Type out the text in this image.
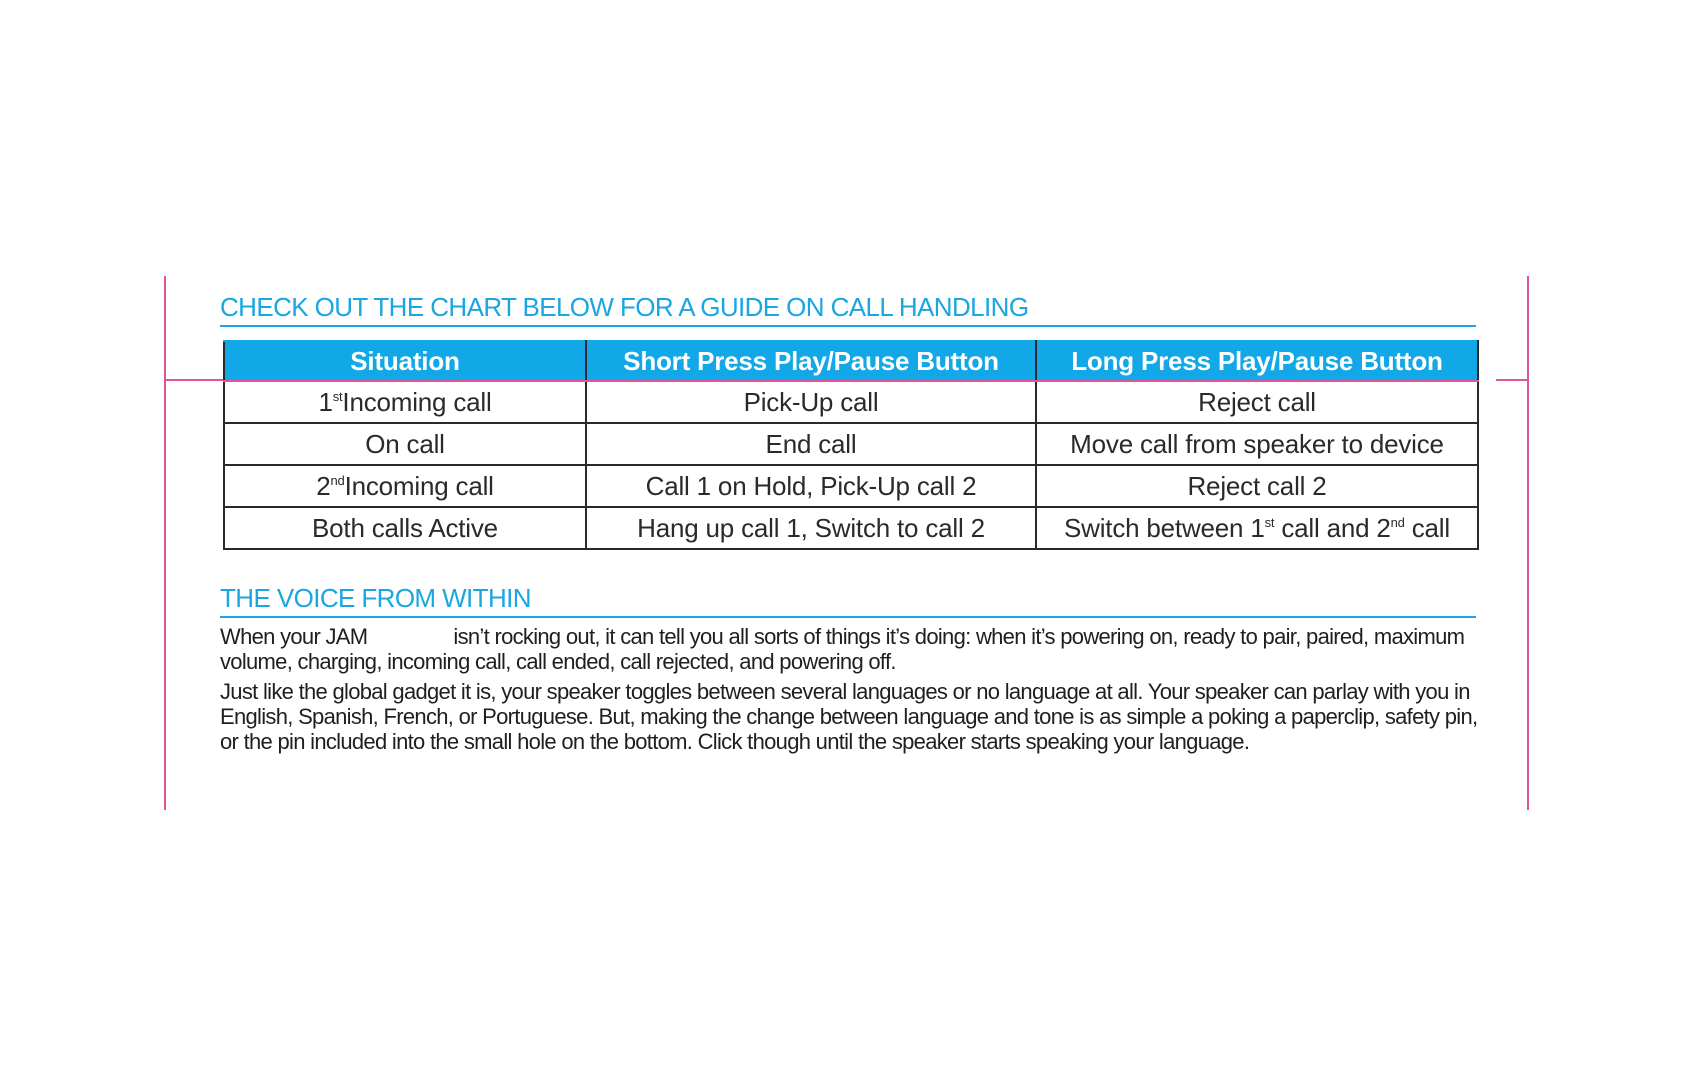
CHECK OUT THE CHART BELOW FOR A GUIDE ON CALL HANDLING
Situation	Short Press Play/Pause Button	Long Press Play/Pause Button
1stIncoming call	Pick-Up call	Reject call
On call	End call	Move call from speaker to device
2ndIncoming call	Call 1 on Hold, Pick-Up call 2	Reject call 2
Both calls Active	Hang up call 1, Switch to call 2	Switch between 1st call and 2nd call
THE VOICE FROM WITHIN

When your JAM	isn’t rocking out, it can tell you all sorts of things it’s doing: when it’s powering on, ready to pair, paired, maximum volume, charging, incoming call, call ended, call rejected, and powering off.

Just like the global gadget it is, your speaker toggles between several languages or no language at all. Your speaker can parlay with you in English, Spanish, French, or Portuguese. But, making the change between language and tone is as simple a poking a paperclip, safety pin, or the pin included into the small hole on the bottom. Click though until the speaker starts speaking your language.
